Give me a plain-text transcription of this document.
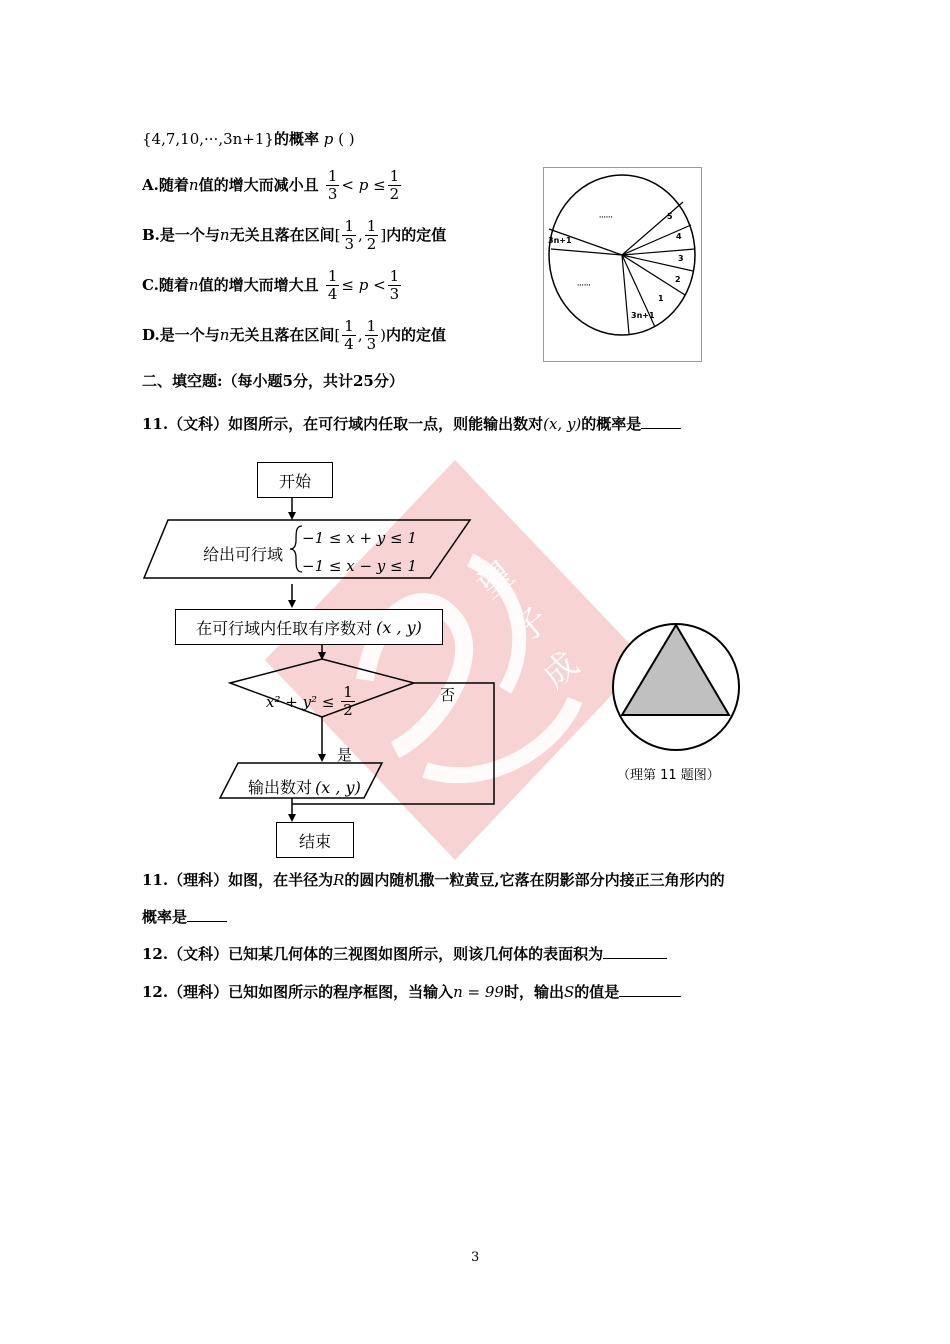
望
子
成
{4,7,10,···,3n+1}的概率 p ( )
A.随着n值的增大而减小且 $\frac{1}{3} < p \le \frac{1}{2}$
B.是一个与n无关且落在区间[ $\frac{1}{3}$ , $\frac{1}{2}$ ]内的定值
C.随着n值的增大而增大且 $\frac{1}{4} \le p < \frac{1}{3}$
D.是一个与n无关且落在区间[ $\frac{1}{4}$ , $\frac{1}{3}$ )内的定值
5
4
3
2
1
3n+1
3n+1
······
······
二、填空题:（每小题5分，共计25分）
11.（文科）如图所示，在可行域内任取一点，则能输出数对(x, y)的概率是
开始
给出可行域
−1 ≤ x + y ≤ 1
−1 ≤ x − y ≤ 1
在可行域内任取有序数对 (x , y)
$x^2 + y^2 \le \frac{1}{2}$	否
是
输出数对 (x , y)
结束
（理第 11 题图）
11.（理科）如图，在半径为R的圆内随机撒一粒黄豆,它落在阴影部分内接正三角形内的
概率是
12.（文科）已知某几何体的三视图如图所示，则该几何体的表面积为
12.（理科）已知如图所示的程序框图，当输入n = 99时，输出S的值是
3
